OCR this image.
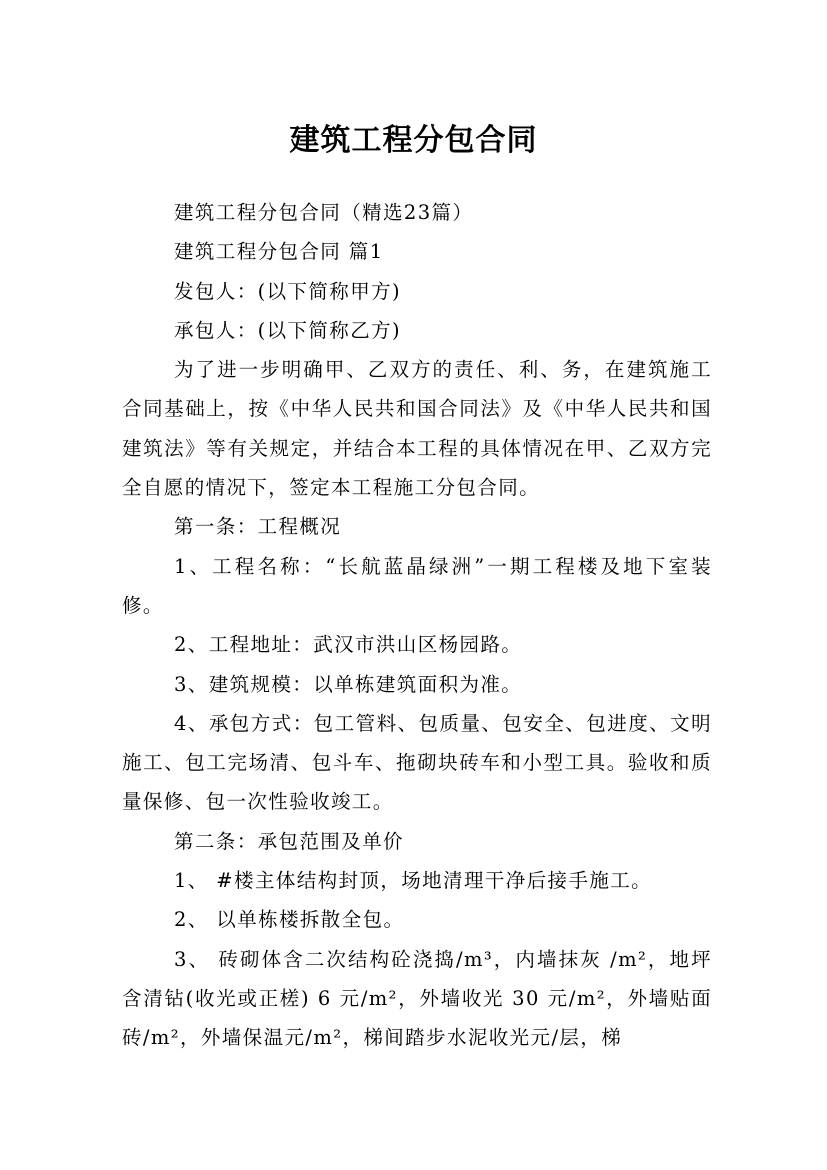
建筑工程分包合同

建筑工程分包合同（精选23篇）

建筑工程分包合同 篇1

发包人：(以下简称甲方)

承包人：(以下简称乙方)

为了进一步明确甲、乙双方的责任、利、务，在建筑施工合同基础上，按《中华人民共和国合同法》及《中华人民共和国建筑法》等有关规定，并结合本工程的具体情况在甲、乙双方完全自愿的情况下，签定本工程施工分包合同。

第一条：工程概况

1、工程名称：“长航蓝晶绿洲”一期工程楼及地下室装修。

2、工程地址：武汉市洪山区杨园路。

3、建筑规模：以单栋建筑面积为准。

4、承包方式：包工管料、包质量、包安全、包进度、文明施工、包工完场清、包斗车、拖砌块砖车和小型工具。验收和质量保修、包一次性验收竣工。

第二条：承包范围及单价

1、 #楼主体结构封顶，场地清理干净后接手施工。

2、 以单栋楼拆散全包。

3、 砖砌体含二次结构砼浇捣/m³，内墙抹灰 /m²，地坪含清钻(收光或正槎) 6 元/m²，外墙收光 30 元/m²，外墙贴面砖/m²，外墙保温元/m²，梯间踏步水泥收光元/层，梯
